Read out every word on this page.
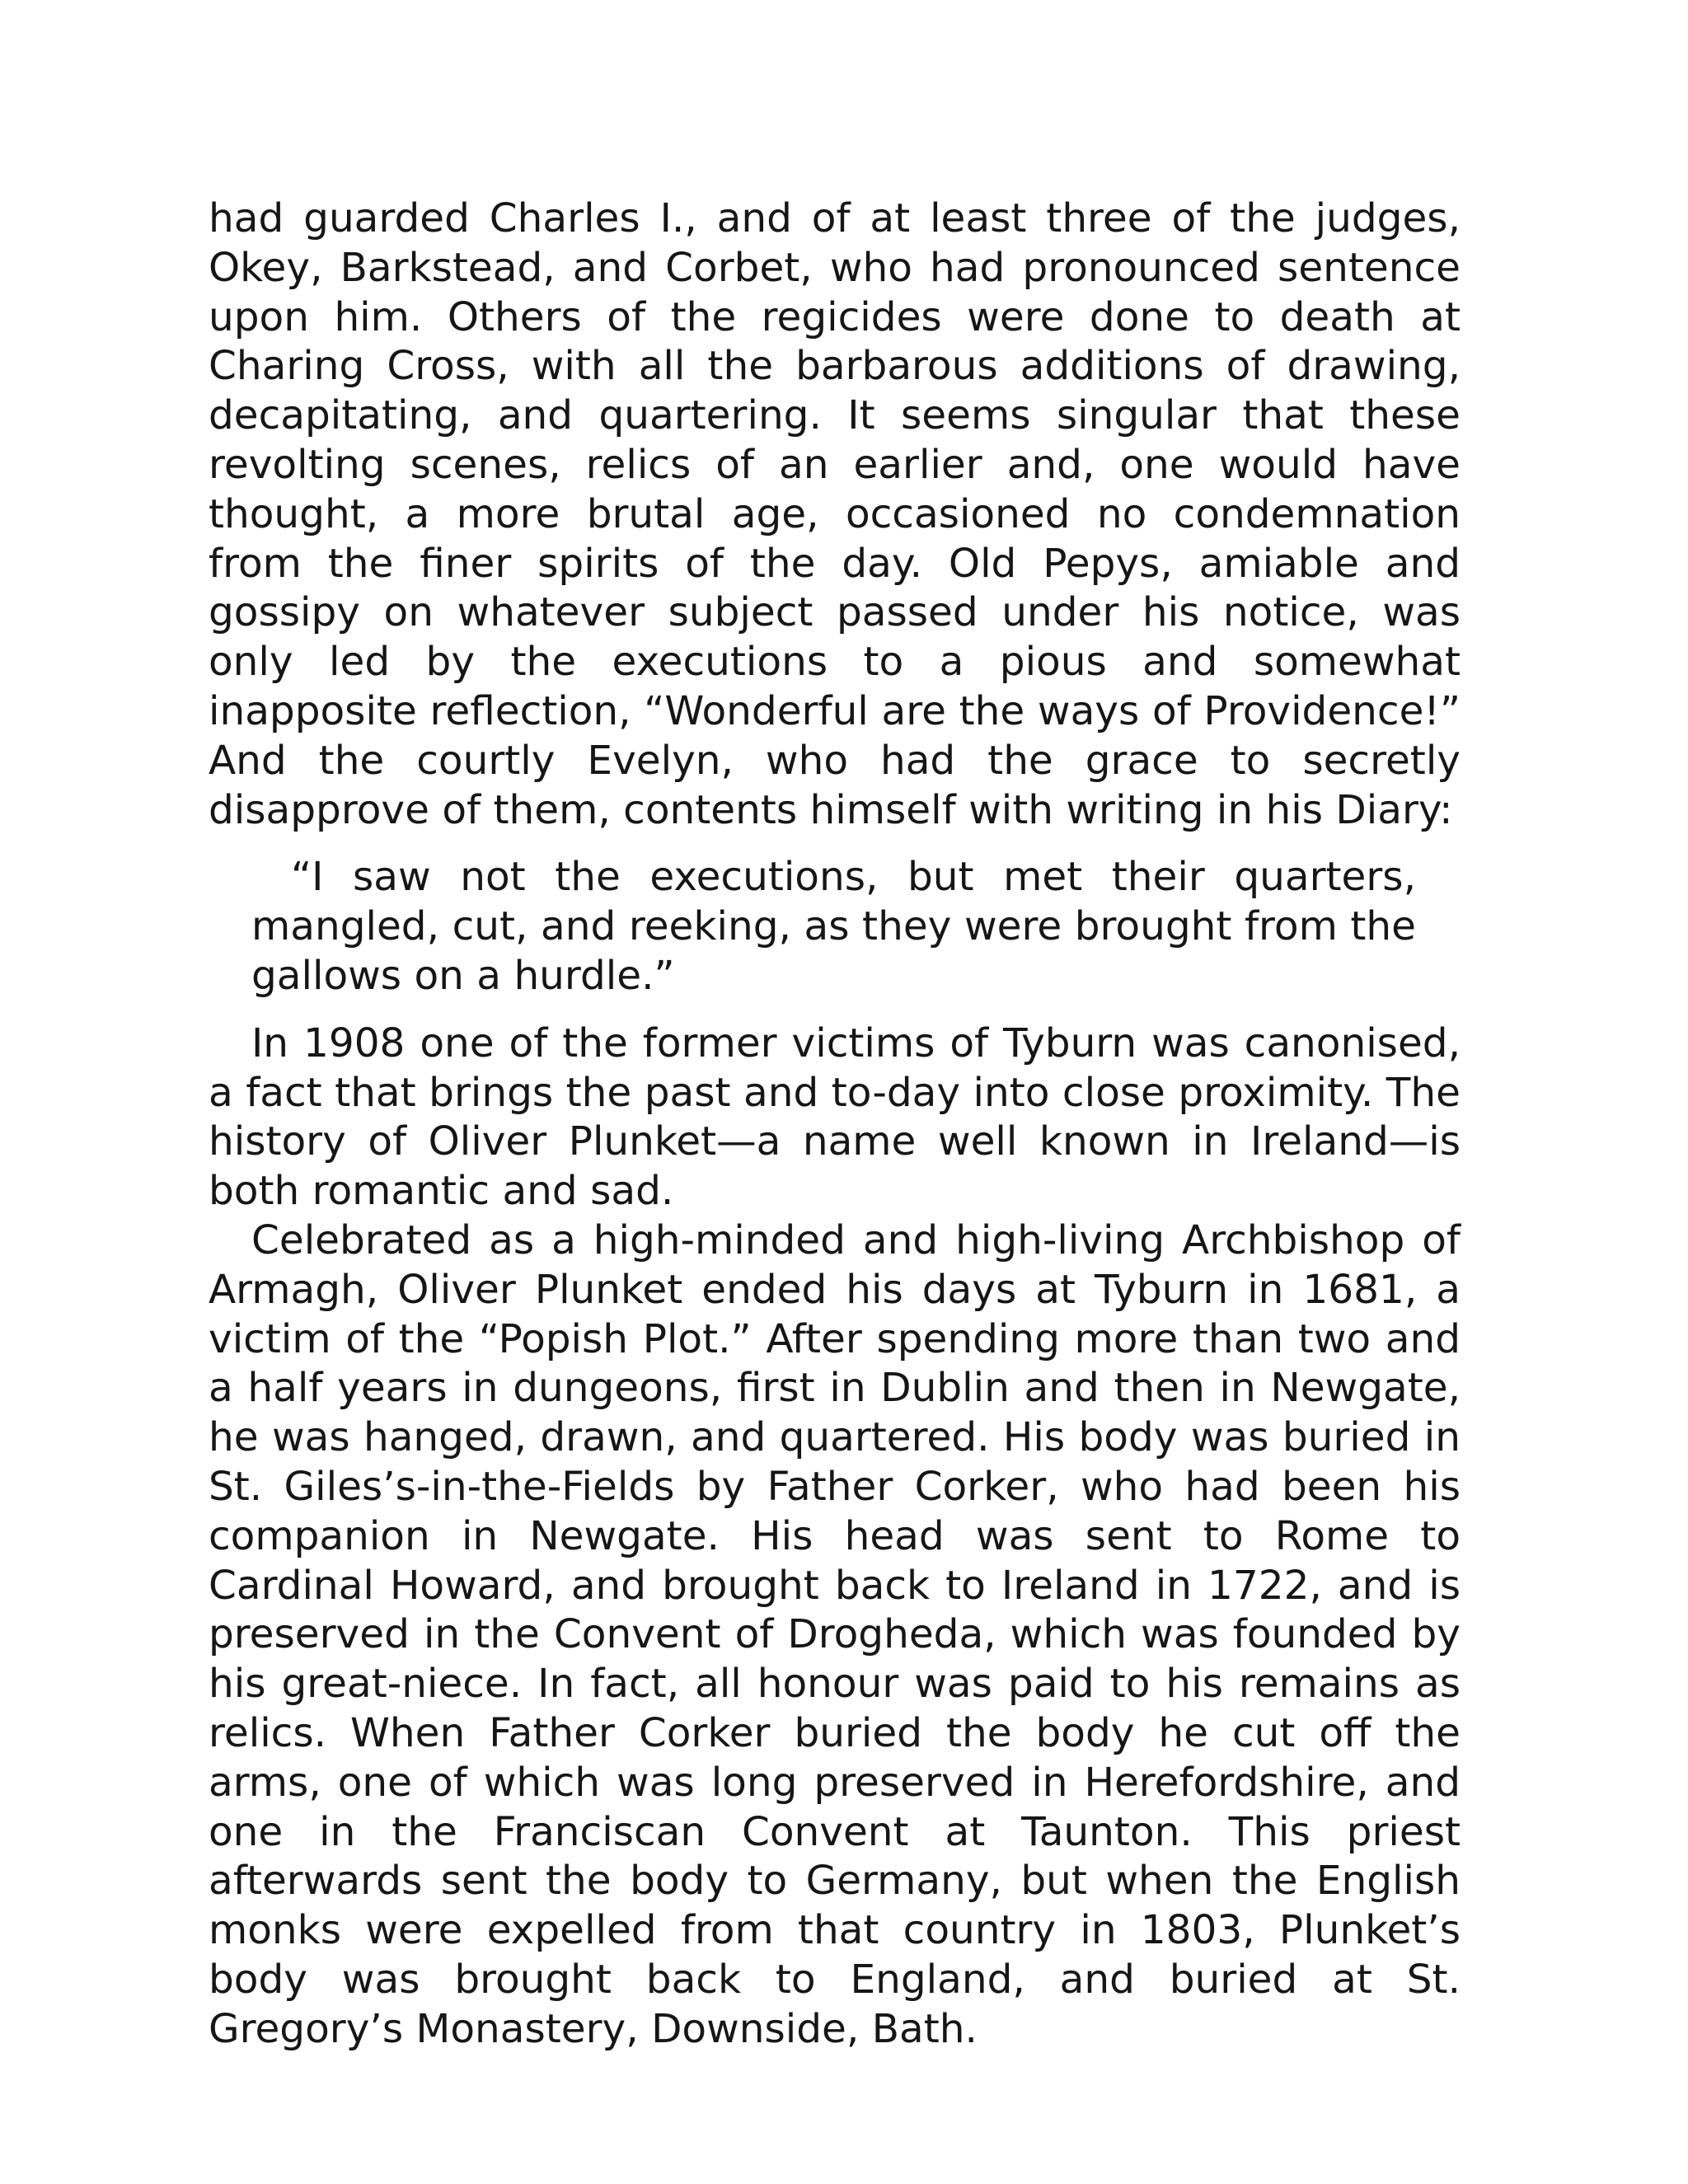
had guarded Charles I., and of at least three of the judges, Okey, Barkstead, and Corbet, who had pronounced sentence upon him. Others of the regicides were done to death at Charing Cross, with all the barbarous additions of drawing, decapitating, and quartering. It seems singular that these revolting scenes, relics of an earlier and, one would have thought, a more brutal age, occasioned no condemnation from the finer spirits of the day. Old Pepys, amiable and gossipy on whatever subject passed under his notice, was only led by the executions to a pious and somewhat inapposite reflection, “Wonderful are the ways of Providence!” And the courtly Evelyn, who had the grace to secretly disapprove of them, contents himself with writing in his Diary:

“I saw not the executions, but met their quarters, mangled, cut, and reeking, as they were brought from the gallows on a hurdle.”

In 1908 one of the former victims of Tyburn was canonised, a fact that brings the past and to-day into close proximity. The history of Oliver Plunket—a name well known in Ireland—is both romantic and sad.

Celebrated as a high-minded and high-living Archbishop of Armagh, Oliver Plunket ended his days at Tyburn in 1681, a victim of the “Popish Plot.” After spending more than two and a half years in dungeons, first in Dublin and then in Newgate, he was hanged, drawn, and quartered. His body was buried in St. Giles’s-in-the-Fields by Father Corker, who had been his companion in Newgate. His head was sent to Rome to Cardinal Howard, and brought back to Ireland in 1722, and is preserved in the Convent of Drogheda, which was founded by his great-niece. In fact, all honour was paid to his remains as relics. When Father Corker buried the body he cut off the arms, one of which was long preserved in Herefordshire, and one in the Franciscan Convent at Taunton. This priest afterwards sent the body to Germany, but when the English monks were expelled from that country in 1803, Plunket’s body was brought back to England, and buried at St. Gregory’s Monastery, Downside, Bath.
